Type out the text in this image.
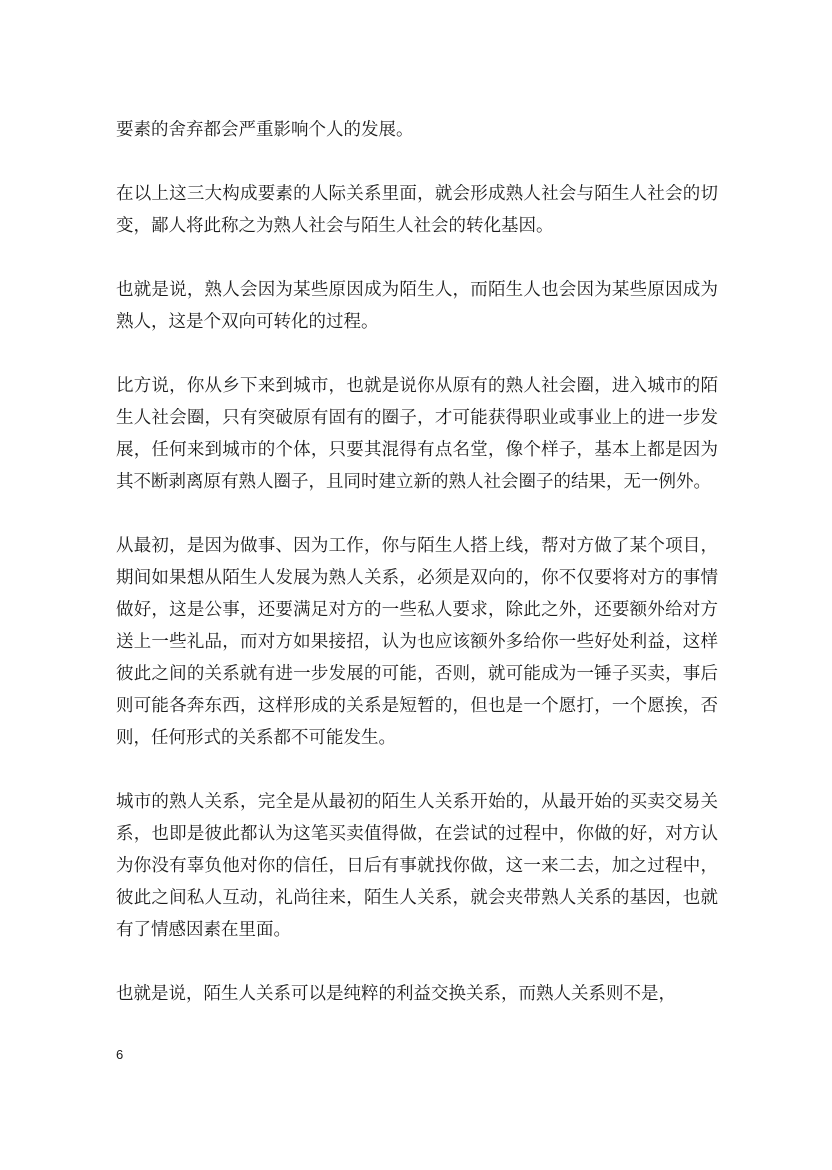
要素的舍弃都会严重影响个人的发展。

在以上这三大构成要素的人际关系里面，就会形成熟人社会与陌生人社会的切变，鄙人将此称之为熟人社会与陌生人社会的转化基因。

也就是说，熟人会因为某些原因成为陌生人，而陌生人也会因为某些原因成为熟人，这是个双向可转化的过程。

比方说，你从乡下来到城市，也就是说你从原有的熟人社会圈，进入城市的陌生人社会圈，只有突破原有固有的圈子，才可能获得职业或事业上的进一步发展，任何来到城市的个体，只要其混得有点名堂，像个样子，基本上都是因为其不断剥离原有熟人圈子，且同时建立新的熟人社会圈子的结果，无一例外。

从最初，是因为做事、因为工作，你与陌生人搭上线，帮对方做了某个项目，期间如果想从陌生人发展为熟人关系，必须是双向的，你不仅要将对方的事情做好，这是公事，还要满足对方的一些私人要求，除此之外，还要额外给对方送上一些礼品，而对方如果接招，认为也应该额外多给你一些好处利益，这样彼此之间的关系就有进一步发展的可能，否则，就可能成为一锤子买卖，事后则可能各奔东西，这样形成的关系是短暂的，但也是一个愿打，一个愿挨，否则，任何形式的关系都不可能发生。

城市的熟人关系，完全是从最初的陌生人关系开始的，从最开始的买卖交易关系，也即是彼此都认为这笔买卖值得做，在尝试的过程中，你做的好，对方认为你没有辜负他对你的信任，日后有事就找你做，这一来二去，加之过程中，彼此之间私人互动，礼尚往来，陌生人关系，就会夹带熟人关系的基因，也就有了情感因素在里面。

也就是说，陌生人关系可以是纯粹的利益交换关系，而熟人关系则不是，

6
